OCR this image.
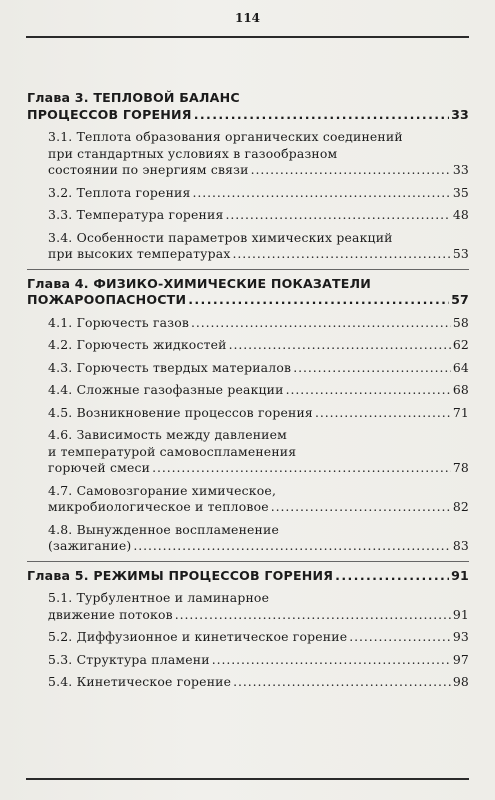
114
Глава 3. ТЕПЛОВОЙ БАЛАНС
ПРОЦЕССОВ ГОРЕНИЯ . . .	33
3.1. Теплота образования органических соединений
при стандартных условиях в газообразном
состоянии по энергиям связи . . .	33
3.2. Теплота горения . . .	35
3.3. Температура горения . . .	48
3.4. Особенности параметров химических реакций
при высоких температурах . . .	53
Глава 4. ФИЗИКО-ХИМИЧЕСКИЕ ПОКАЗАТЕЛИ
ПОЖАРООПАСНОСТИ . . .	57
4.1. Горючесть газов . . .	58
4.2. Горючесть жидкостей . . .	62
4.3. Горючесть твердых материалов . . .	64
4.4. Сложные газофазные реакции . . .	68
4.5. Возникновение процессов горения . . .	71
4.6. Зависимость между давлением
и температурой самовоспламенения
горючей смеси . . .	78
4.7. Самовозгорание химическое,
микробиологическое и тепловое . . .	82
4.8. Вынужденное воспламенение
(зажигание) . . .	83
Глава 5. РЕЖИМЫ ПРОЦЕССОВ ГОРЕНИЯ . . .	91
5.1. Турбулентное и ламинарное
движение потоков . . .	91
5.2. Диффузионное и кинетическое горение . . .	93
5.3. Структура пламени . . .	97
5.4. Кинетическое горение . . .	98
